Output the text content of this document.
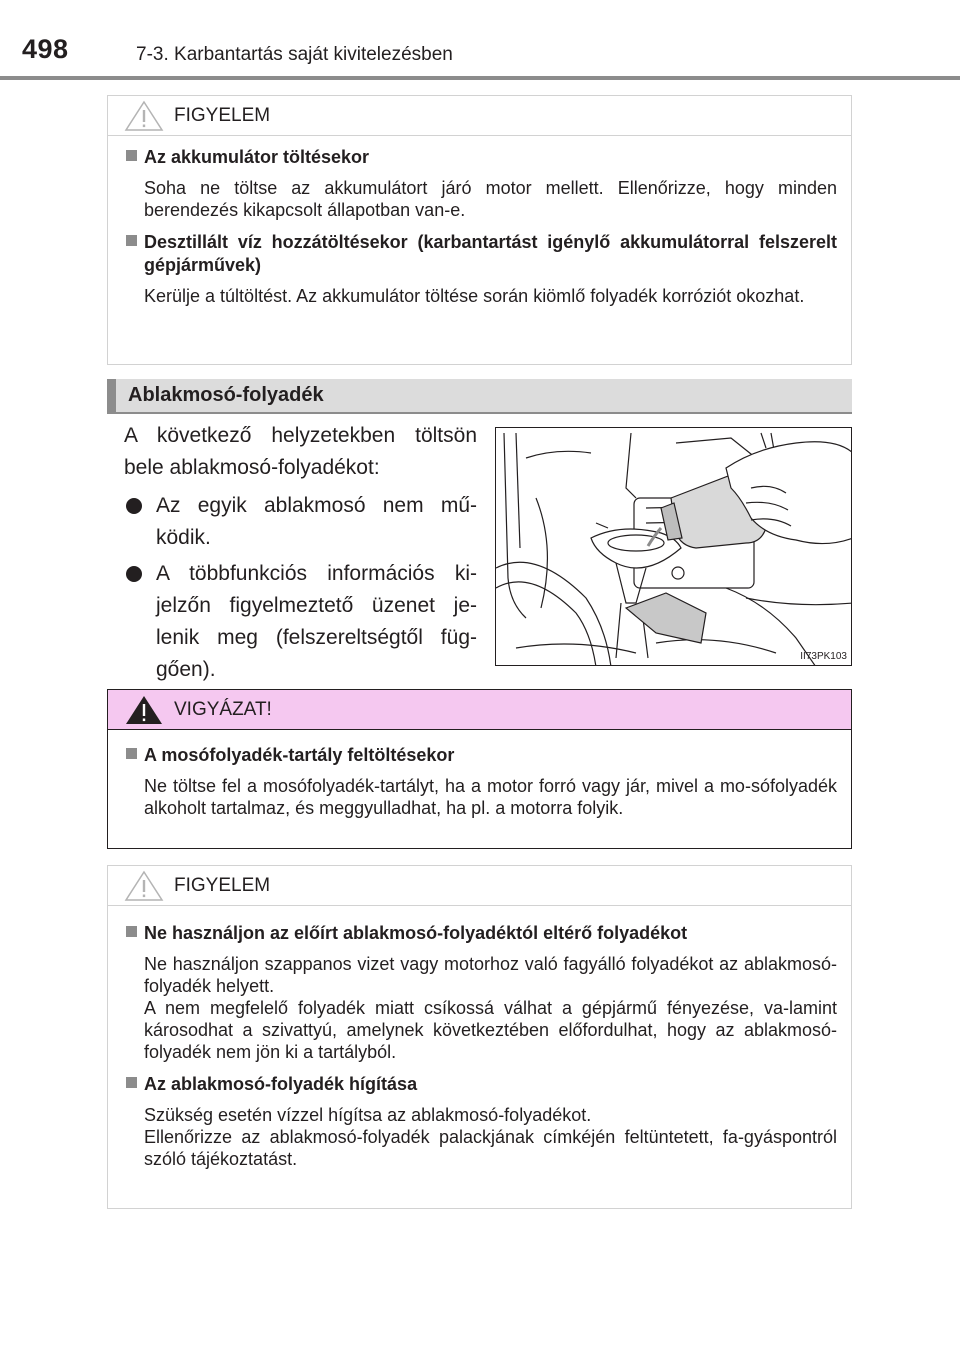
498	7-3. Karbantartás saját kivitelezésben
FIGYELEM
Az akkumulátor töltésekor
Soha ne töltse az akkumulátort járó motor mellett. Ellenőrizze, hogy minden berendezés kikapcsolt állapotban van-e.
Desztillált víz hozzátöltésekor (karbantartást igénylő akkumulátorral felszerelt gépjárművek)
Kerülje a túltöltést. Az akkumulátor töltése során kiömlő folyadék korróziót okozhat.
Ablakmosó-folyadék

A következő helyzetekben töltsön bele ablakmosó-folyadékot:

Az egyik ablakmosó nem mű-ködik.
A többfunkciós információs ki-jelzőn figyelmeztető üzenet je-lenik meg (felszereltségtől füg-gően).
II73PK103
VIGYÁZAT!
A mosófolyadék-tartály feltöltésekor
Ne töltse fel a mosófolyadék-tartályt, ha a motor forró vagy jár, mivel a mo-sófolyadék alkoholt tartalmaz, és meggyulladhat, ha pl. a motorra folyik.
FIGYELEM
Ne használjon az előírt ablakmosó-folyadéktól eltérő folyadékot

Ne használjon szappanos vizet vagy motorhoz való fagyálló folyadékot az ablakmosó-folyadék helyett.

A nem megfelelő folyadék miatt csíkossá válhat a gépjármű fényezése, va-lamint károsodhat a szivattyú, amelynek következtében előfordulhat, hogy az ablakmosó-folyadék nem jön ki a tartályból.

Az ablakmosó-folyadék hígítása

Szükség esetén vízzel hígítsa az ablakmosó-folyadékot.

Ellenőrizze az ablakmosó-folyadék palackjának címkéjén feltüntetett, fa-gyáspontról szóló tájékoztatást.
